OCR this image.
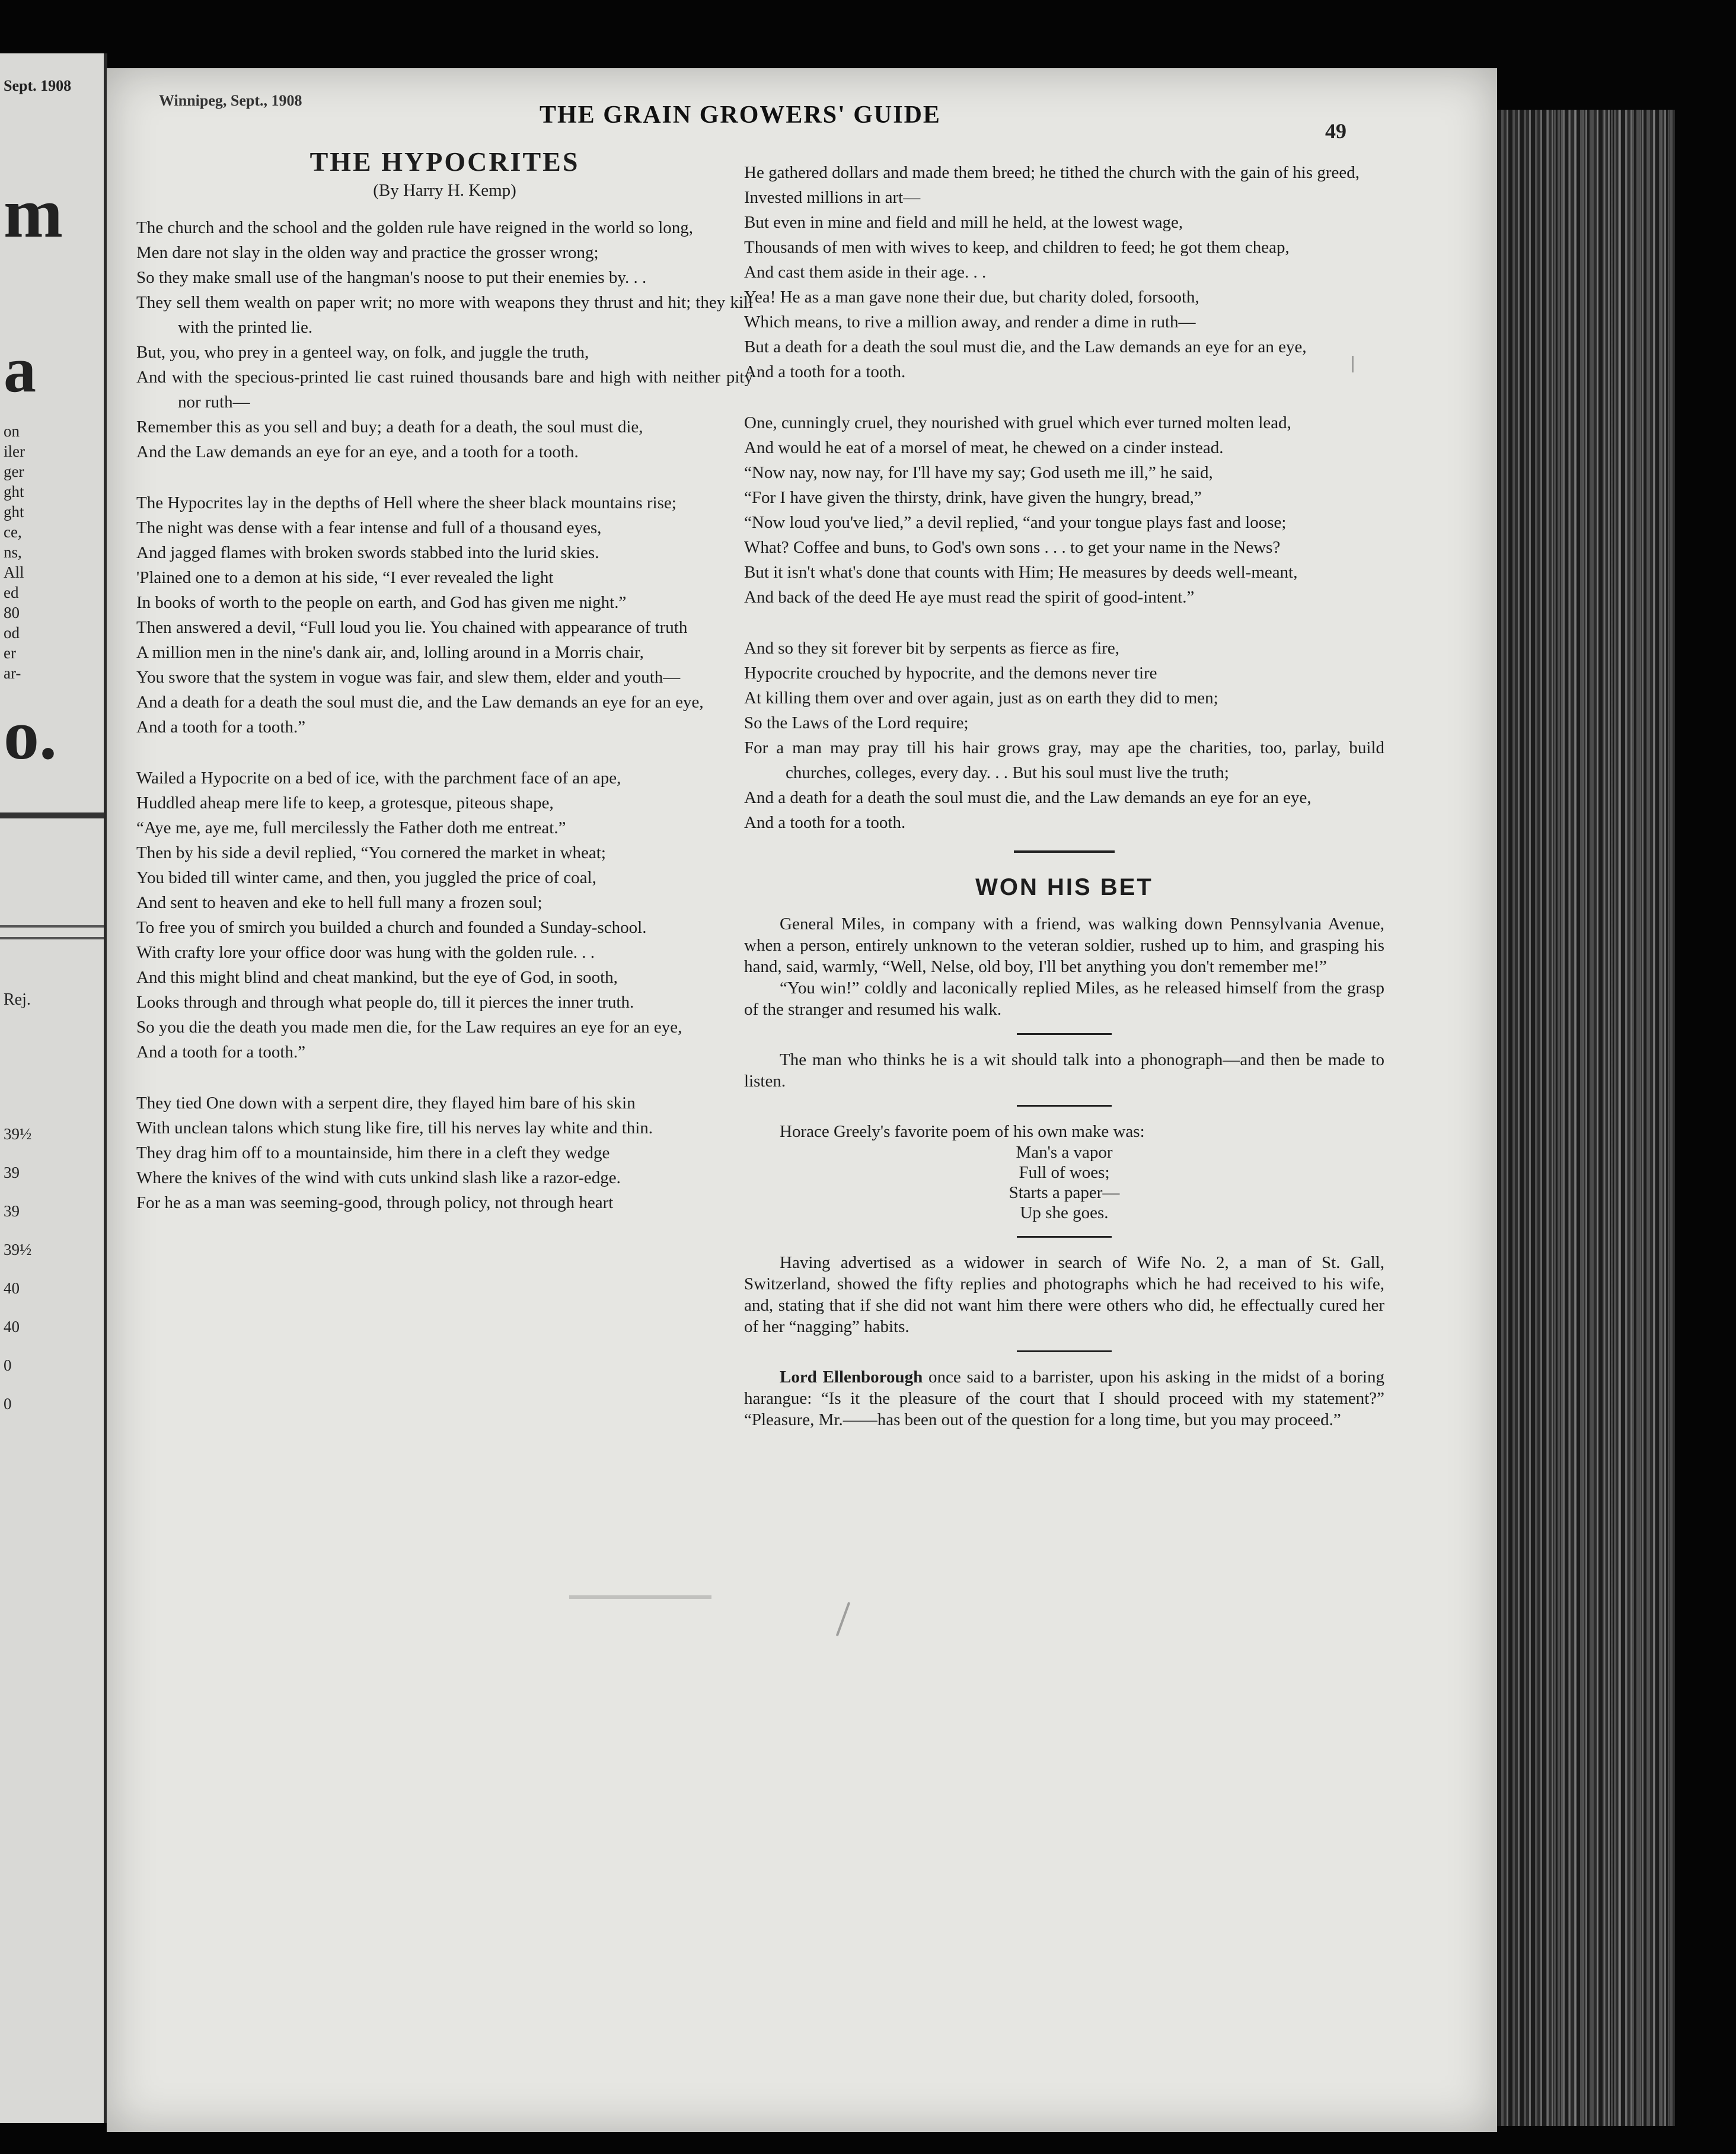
Sept. 1908
m
a
on
iler
ger
ght
ght
ce,
ns,
All
ed
80
od
er
ar-
o.
Rej.
39½
39
39
39½
40
40
0
0
Winnipeg, Sept., 1908
THE GRAIN GROWERS' GUIDE
49
THE HYPOCRITES
(By Harry H. Kemp)
The church and the school and the golden rule have reigned in the world so long,
Men dare not slay in the olden way and practice the grosser wrong;
So they make small use of the hangman's noose to put their enemies by. . .
They sell them wealth on paper writ; no more with weapons they thrust and hit; they kill with the printed lie.
But, you, who prey in a genteel way, on folk, and juggle the truth,
And with the specious-printed lie cast ruined thousands bare and high with neither pity nor ruth—
Remember this as you sell and buy; a death for a death, the soul must die,
And the Law demands an eye for an eye, and a tooth for a tooth.
The Hypocrites lay in the depths of Hell where the sheer black mountains rise;
The night was dense with a fear intense and full of a thousand eyes,
And jagged flames with broken swords stabbed into the lurid skies.
'Plained one to a demon at his side, “I ever revealed the light
In books of worth to the people on earth, and God has given me night.”
Then answered a devil, “Full loud you lie. You chained with appearance of truth
A million men in the nine's dank air, and, lolling around in a Morris chair,
You swore that the system in vogue was fair, and slew them, elder and youth—
And a death for a death the soul must die, and the Law demands an eye for an eye,
And a tooth for a tooth.”
Wailed a Hypocrite on a bed of ice, with the parchment face of an ape,
Huddled aheap mere life to keep, a grotesque, piteous shape,
“Aye me, aye me, full mercilessly the Father doth me entreat.”
Then by his side a devil replied, “You cornered the market in wheat;
You bided till winter came, and then, you juggled the price of coal,
And sent to heaven and eke to hell full many a frozen soul;
To free you of smirch you builded a church and founded a Sunday-school.
With crafty lore your office door was hung with the golden rule. . .
And this might blind and cheat mankind, but the eye of God, in sooth,
Looks through and through what people do, till it pierces the inner truth.
So you die the death you made men die, for the Law requires an eye for an eye,
And a tooth for a tooth.”
They tied One down with a serpent dire, they flayed him bare of his skin
With unclean talons which stung like fire, till his nerves lay white and thin.
They drag him off to a mountainside, him there in a cleft they wedge
Where the knives of the wind with cuts unkind slash like a razor-edge.
For he as a man was seeming-good, through policy, not through heart
He gathered dollars and made them breed; he tithed the church with the gain of his greed,
Invested millions in art—
But even in mine and field and mill he held, at the lowest wage,
Thousands of men with wives to keep, and children to feed; he got them cheap,
And cast them aside in their age. . .
Yea! He as a man gave none their due, but charity doled, forsooth,
Which means, to rive a million away, and render a dime in ruth—
But a death for a death the soul must die, and the Law demands an eye for an eye,
And a tooth for a tooth.
One, cunningly cruel, they nourished with gruel which ever turned molten lead,
And would he eat of a morsel of meat, he chewed on a cinder instead.
“Now nay, now nay, for I'll have my say; God useth me ill,” he said,
“For I have given the thirsty, drink, have given the hungry, bread,”
“Now loud you've lied,” a devil replied, “and your tongue plays fast and loose;
What? Coffee and buns, to God's own sons . . . to get your name in the News?
But it isn't what's done that counts with Him; He measures by deeds well-meant,
And back of the deed He aye must read the spirit of good-intent.”
And so they sit forever bit by serpents as fierce as fire,
Hypocrite crouched by hypocrite, and the demons never tire
At killing them over and over again, just as on earth they did to men;
So the Laws of the Lord require;
For a man may pray till his hair grows gray, may ape the charities, too, parlay, build churches, colleges, every day. . . But his soul must live the truth;
And a death for a death the soul must die, and the Law demands an eye for an eye,
And a tooth for a tooth.
WON HIS BET

General Miles, in company with a friend, was walking down Pennsylvania Avenue, when a person, entirely unknown to the veteran soldier, rushed up to him, and grasping his hand, said, warmly, “Well, Nelse, old boy, I'll bet anything you don't remember me!”

“You win!” coldly and laconically replied Miles, as he released himself from the grasp of the stranger and resumed his walk.

The man who thinks he is a wit should talk into a phonograph—and then be made to listen.

Horace Greely's favorite poem of his own make was:

Man's a vapor
Full of woes;
Starts a paper—
Up she goes.

Having advertised as a widower in search of Wife No. 2, a man of St. Gall, Switzerland, showed the fifty replies and photographs which he had received to his wife, and, stating that if she did not want him there were others who did, he effectually cured her of her “nagging” habits.

Lord Ellenborough once said to a barrister, upon his asking in the midst of a boring harangue: “Is it the pleasure of the court that I should proceed with my statement?” “Pleasure, Mr.——has been out of the question for a long time, but you may proceed.”
